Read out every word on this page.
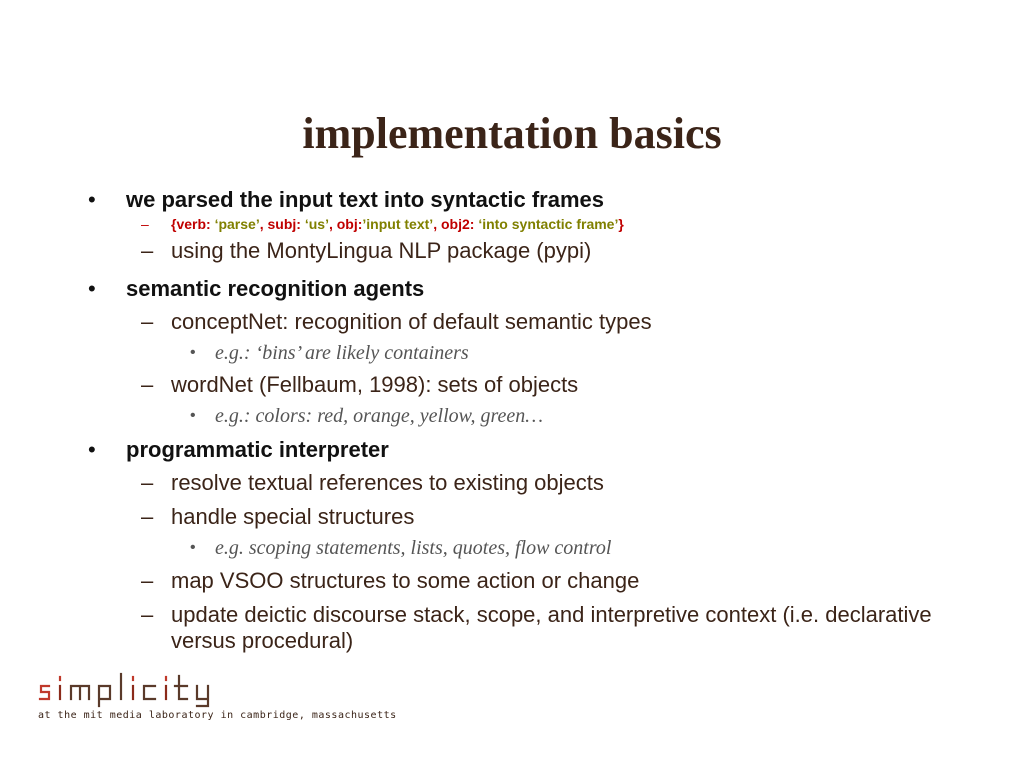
implementation basics
• we parsed the input text into syntactic frames
– {verb: ‘parse’, subj: ‘us’, obj:’input text’, obj2: ‘into syntactic frame’}
– using the MontyLingua NLP package (pypi)
• semantic recognition agents
– conceptNet: recognition of default semantic types
• e.g.: ‘bins’ are likely containers
– wordNet (Fellbaum, 1998): sets of objects
• e.g.: colors: red, orange, yellow, green…
• programmatic interpreter
– resolve textual references to existing objects
– handle special structures
• e.g. scoping statements, lists, quotes, flow control
– map VSOO structures to some action or change
– update deictic discourse stack, scope, and interpretive context (i.e. declarative versus procedural)
at the mit media laboratory in cambridge, massachusetts
